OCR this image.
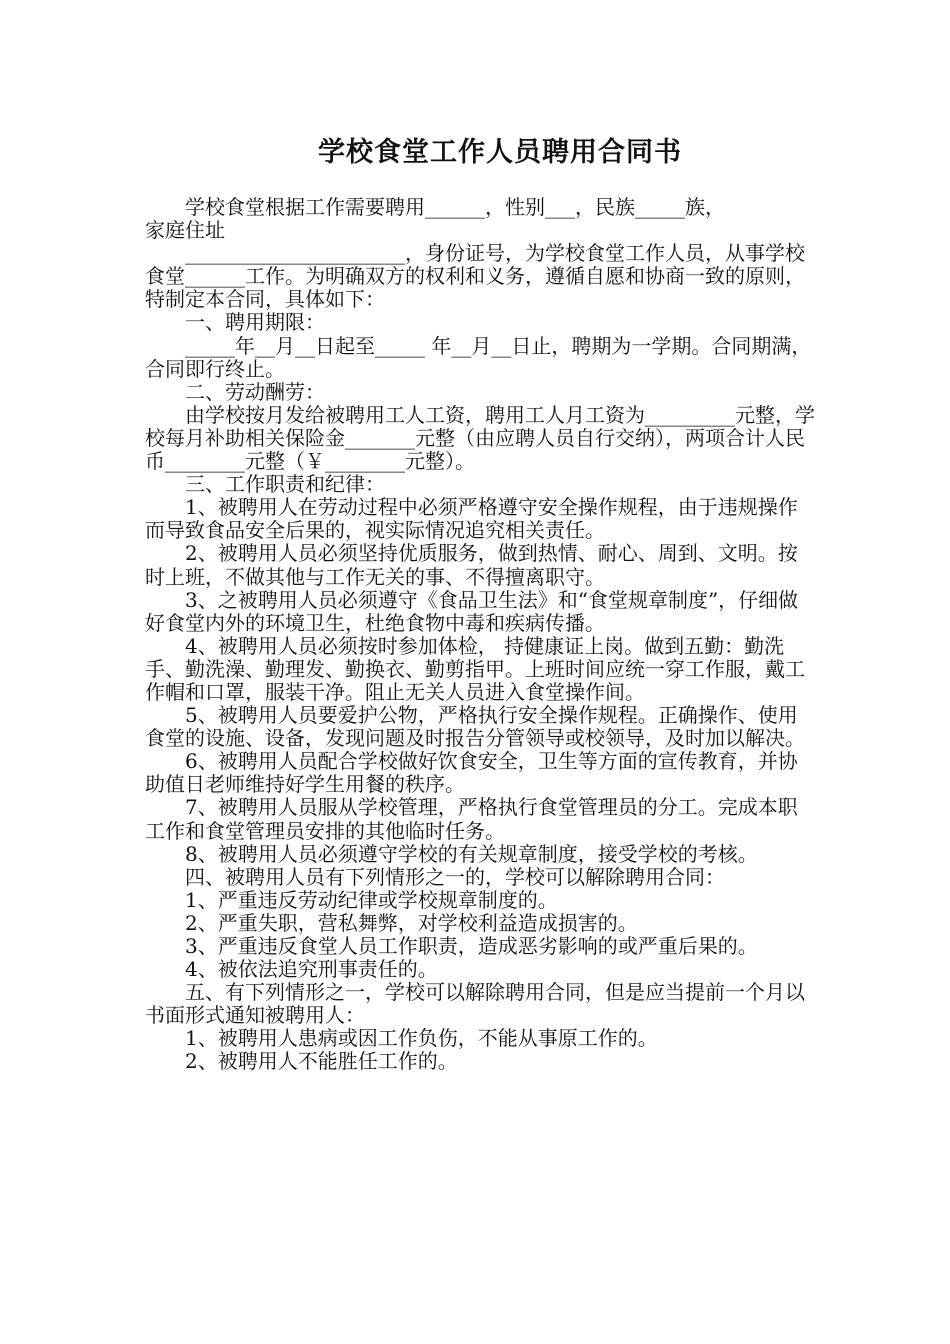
学校食堂工作人员聘用合同书

学校食堂根据工作需要聘用______，性别___，民族_____族，

家庭住址

______________________，身份证号，为学校食堂工作人员，从事学校食堂______工作。为明确双方的权利和义务，遵循自愿和协商一致的原则，特制定本合同，具体如下：

一、聘用期限：

_____年__月__日起至_____ 年__月__日止，聘期为一学期。合同期满，合同即行终止。

二、劳动酬劳：

由学校按月发给被聘用工人工资，聘用工人月工资为_________元整，学校每月补助相关保险金_______元整（由应聘人员自行交纳），两项合计人民币________元整（￥________元整）。

三、工作职责和纪律：

1、被聘用人在劳动过程中必须严格遵守安全操作规程，由于违规操作而导致食品安全后果的，视实际情况追究相关责任。

2、被聘用人员必须坚持优质服务，做到热情、耐心、周到、文明。按时上班，不做其他与工作无关的事、不得擅离职守。

3、之被聘用人员必须遵守《食品卫生法》和“食堂规章制度”，仔细做好食堂内外的环境卫生，杜绝食物中毒和疾病传播。

4、被聘用人员必须按时参加体检， 持健康证上岗。做到五勤：勤洗手、勤洗澡、勤理发、勤换衣、勤剪指甲。上班时间应统一穿工作服，戴工作帽和口罩，服装干净。阻止无关人员进入食堂操作间。

5、被聘用人员要爱护公物，严格执行安全操作规程。正确操作、使用食堂的设施、设备，发现问题及时报告分管领导或校领导，及时加以解决。

6、被聘用人员配合学校做好饮食安全，卫生等方面的宣传教育，并协助值日老师维持好学生用餐的秩序。

7、被聘用人员服从学校管理，严格执行食堂管理员的分工。完成本职工作和食堂管理员安排的其他临时任务。

8、被聘用人员必须遵守学校的有关规章制度，接受学校的考核。

四、被聘用人员有下列情形之一的，学校可以解除聘用合同：

1、严重违反劳动纪律或学校规章制度的。

2、严重失职，营私舞弊，对学校利益造成损害的。

3、严重违反食堂人员工作职责，造成恶劣影响的或严重后果的。

4、被依法追究刑事责任的。

五、有下列情形之一，学校可以解除聘用合同，但是应当提前一个月以书面形式通知被聘用人：

1、被聘用人患病或因工作负伤，不能从事原工作的。

2、被聘用人不能胜任工作的。
